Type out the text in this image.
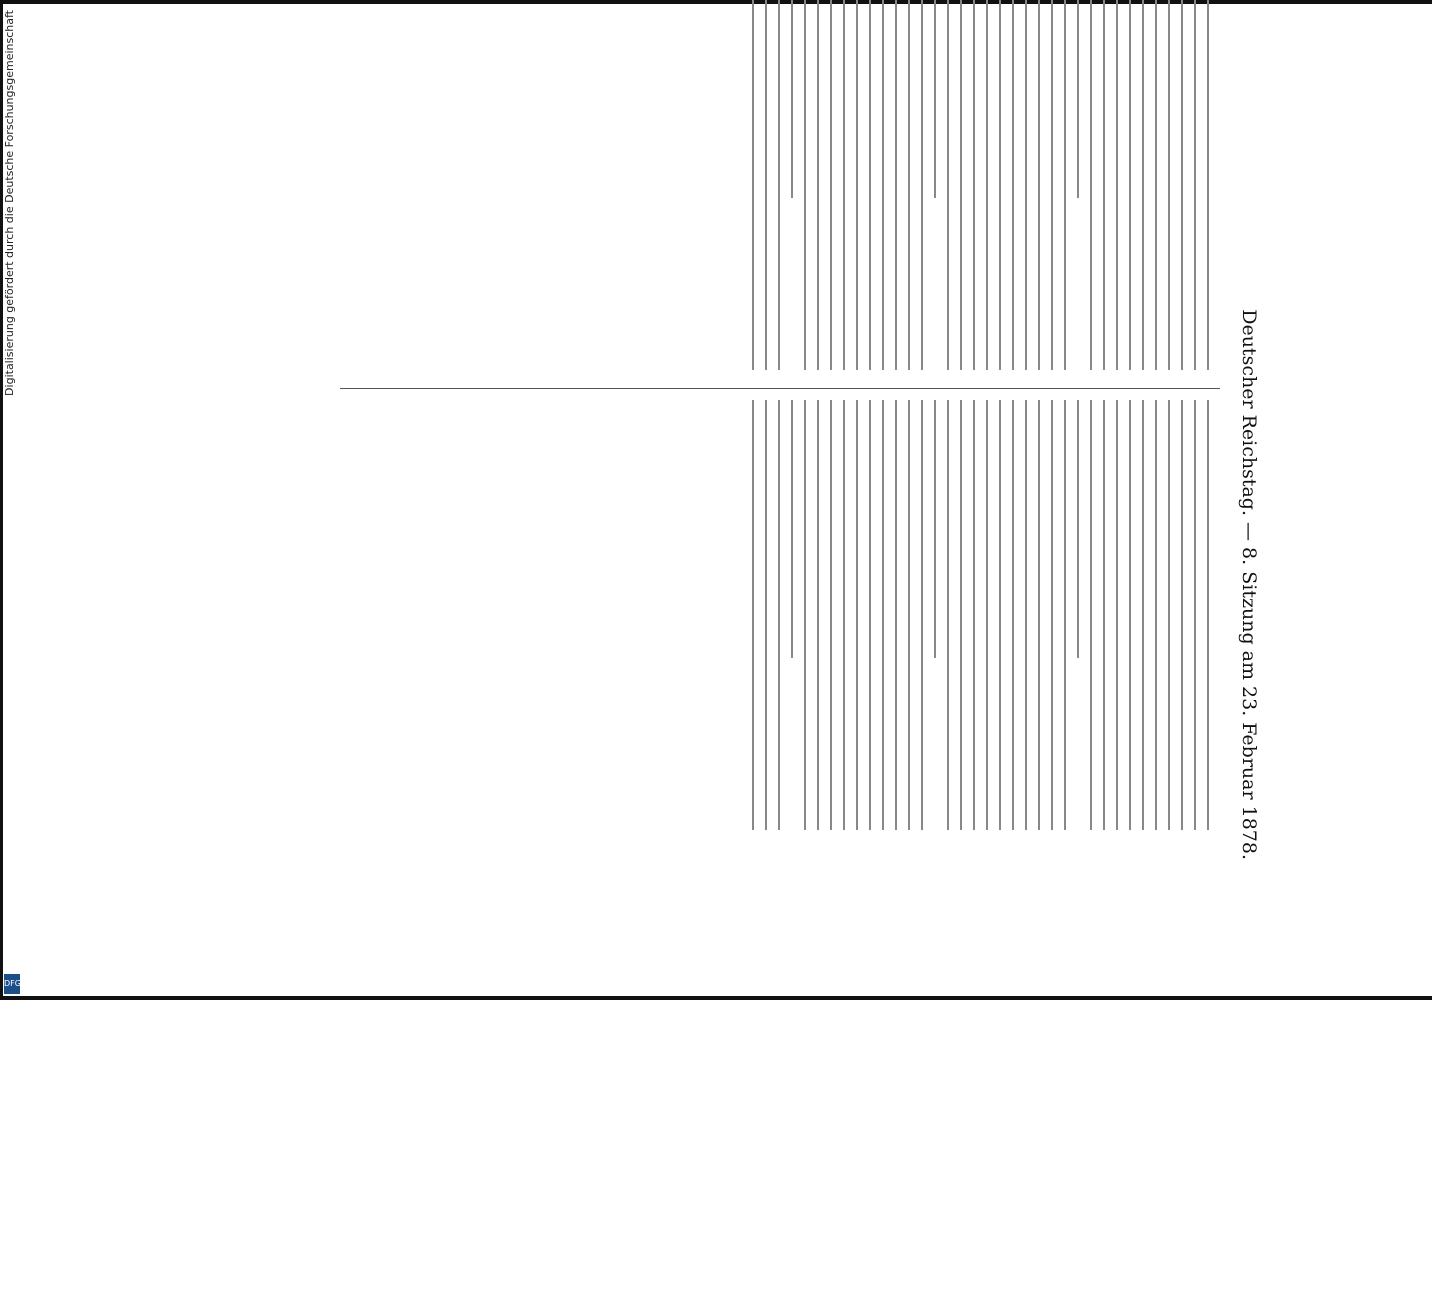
Digitalisierung gefördert durch die Deutsche Forschungsgemeinschaft
DFG
Deutscher Reichstag. — 8. Sitzung am 23. Februar 1878.
